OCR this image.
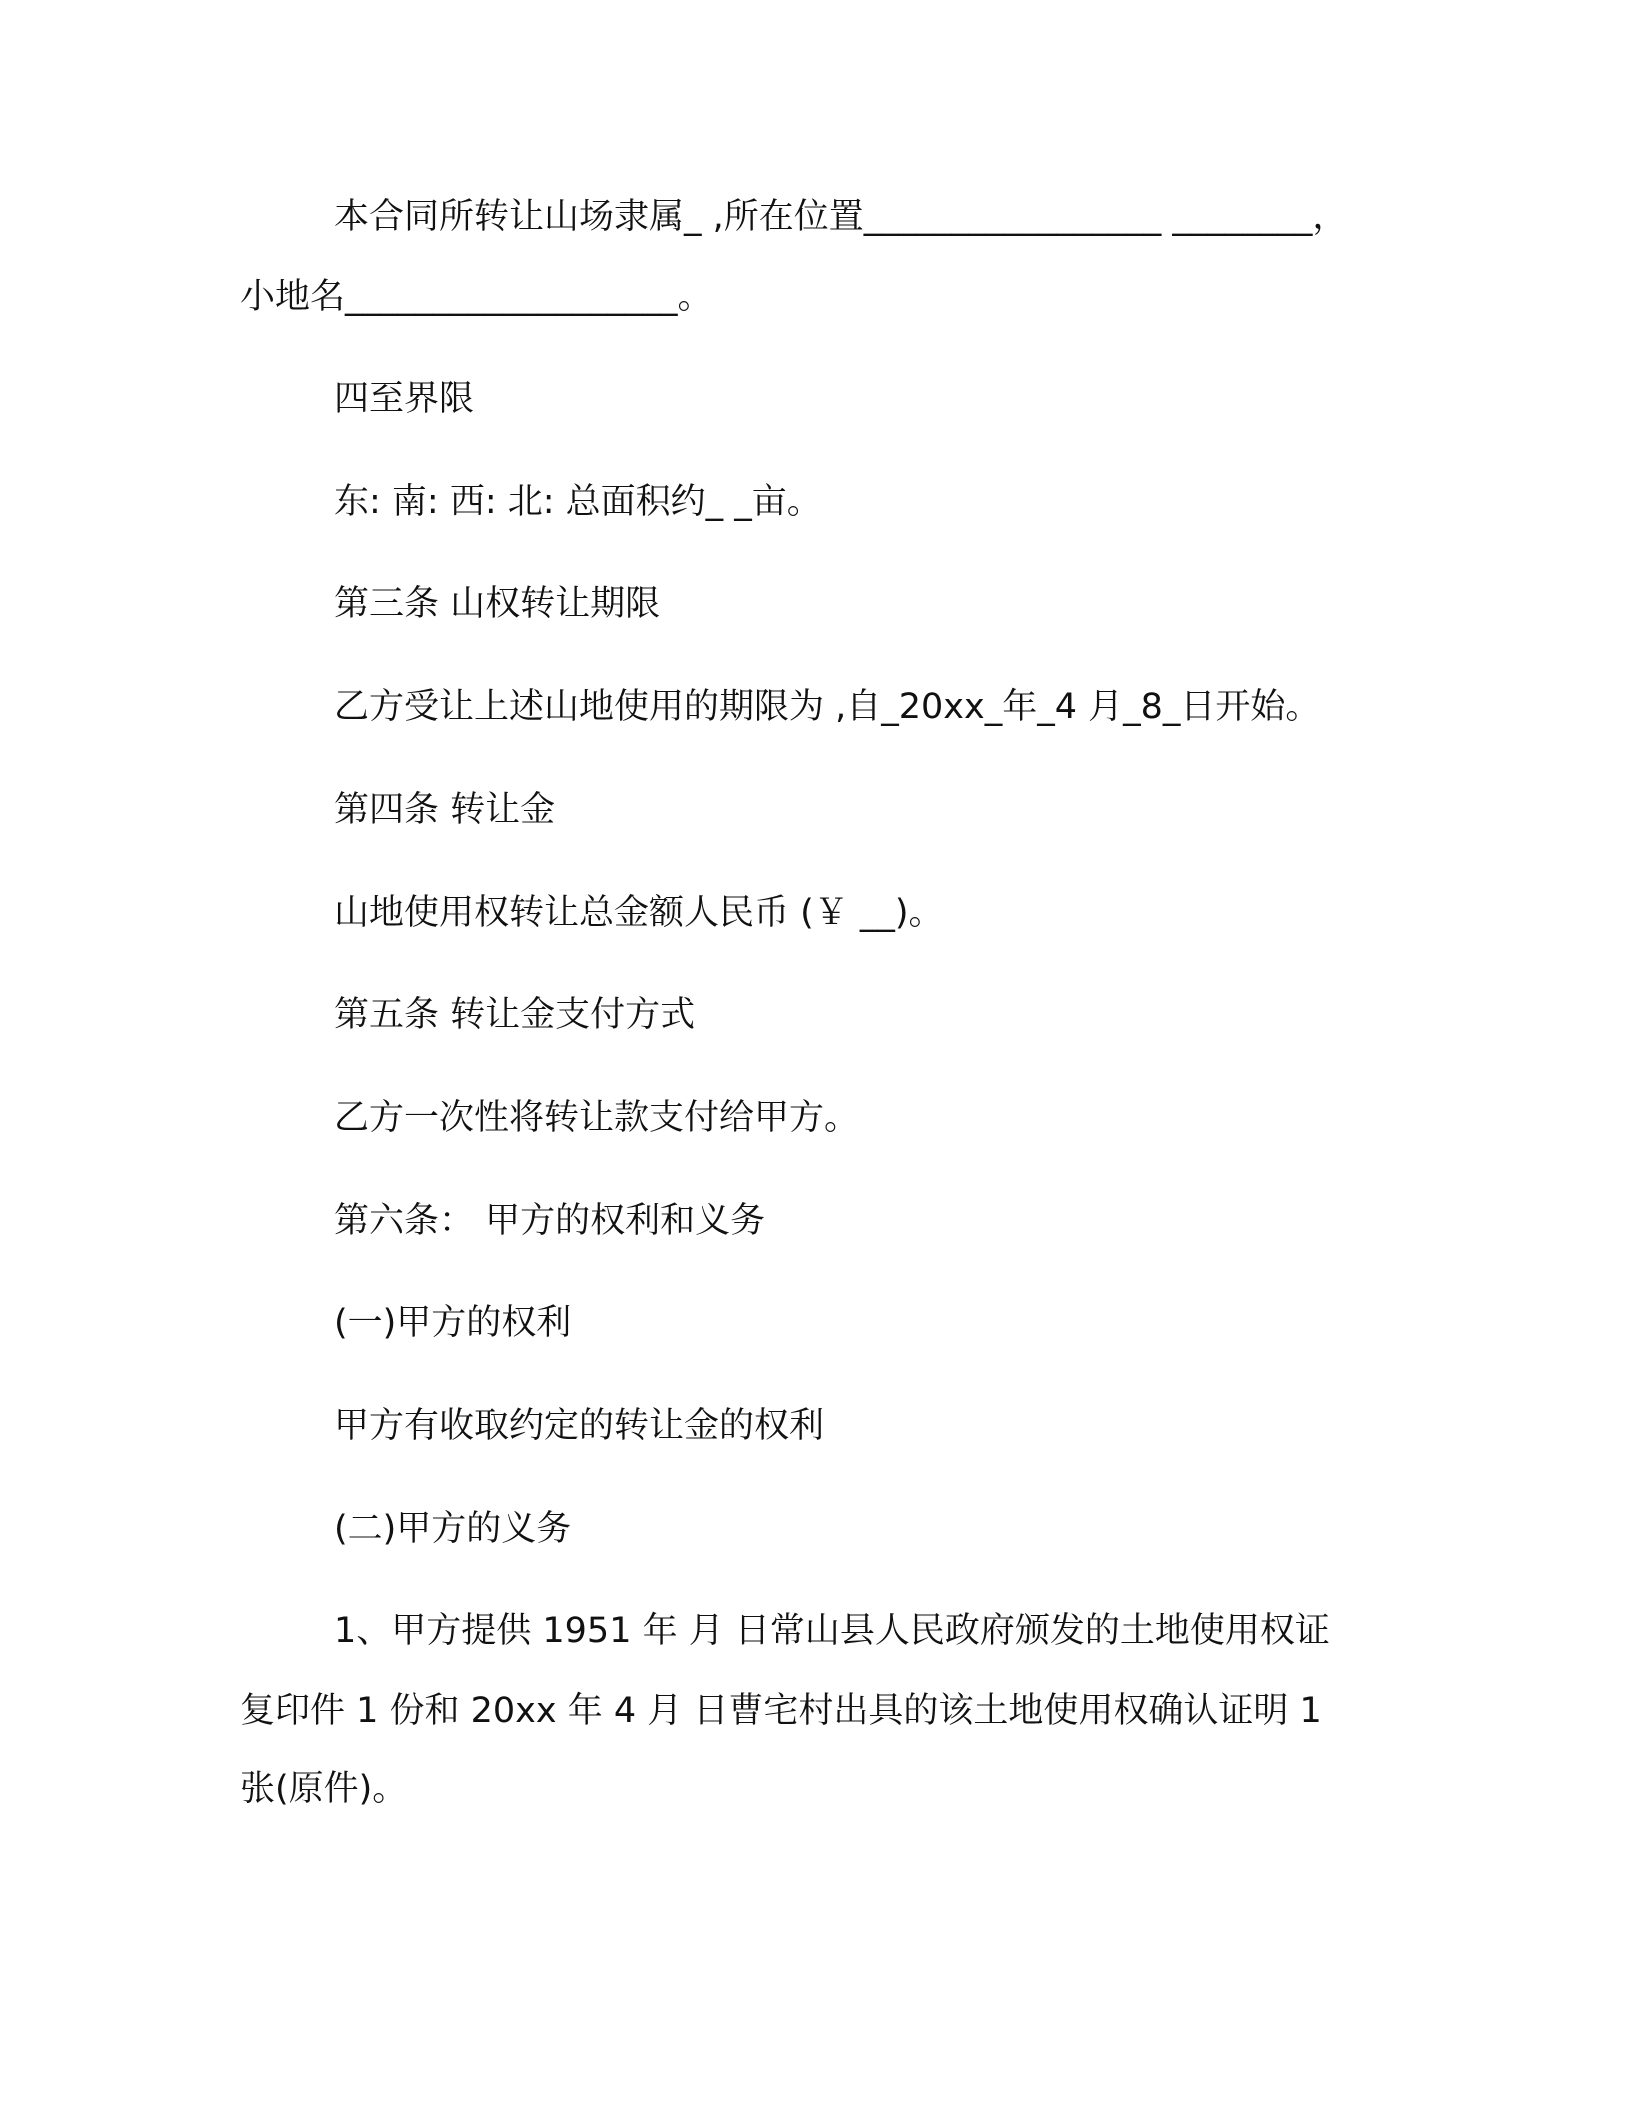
本合同所转让山场隶属_ ,所在位置_________________ ________，
小地名___________________。
四至界限
东: 南: 西: 北: 总面积约_ _亩。
第三条 山权转让期限
乙方受让上述山地使用的期限为 ,自_20xx_年_4 月_8_日开始。
第四条 转让金
山地使用权转让总金额人民币 (￥ __)。
第五条 转让金支付方式
乙方一次性将转让款支付给甲方。
第六条： 甲方的权利和义务
(一)甲方的权利
甲方有收取约定的转让金的权利
(二)甲方的义务
1、甲方提供 1951 年 月 日常山县人民政府颁发的土地使用权证
复印件 1 份和 20xx 年 4 月 日曹宅村出具的该土地使用权确认证明 1
张(原件)。
